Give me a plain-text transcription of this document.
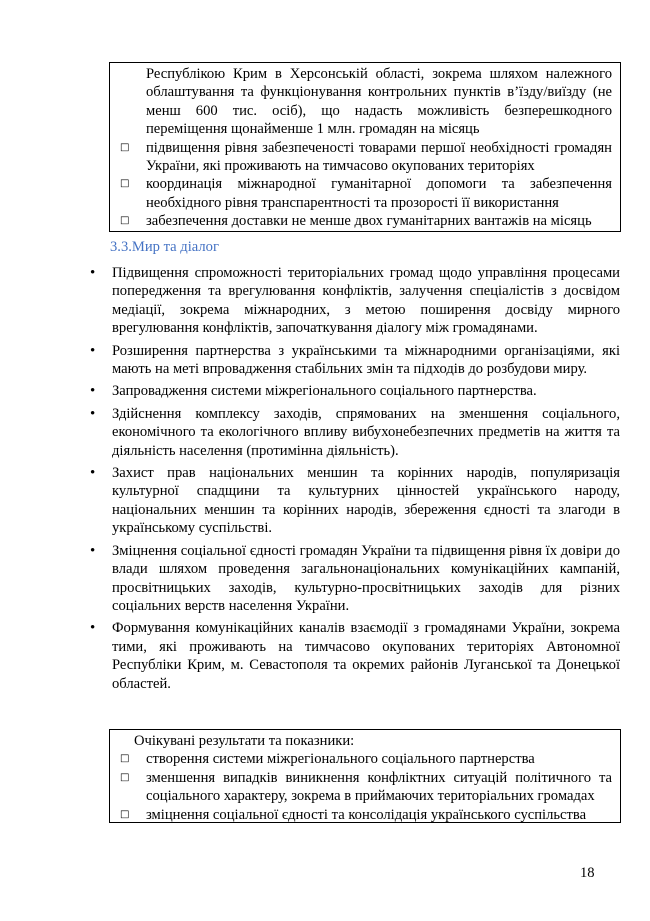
Республікою Крим в Херсонській області, зокрема шляхом належного облаштування та функціонування контрольних пунктів в’їзду/виїзду (не менш 600 тис. осіб), що надасть можливість безперешкодного переміщення щонайменше 1 млн. громадян на місяць
□	підвищення рівня забезпеченості товарами першої необхідності громадян України, які проживають на тимчасово окупованих територіях
□	координація міжнародної гуманітарної допомоги та забезпечення необхідного рівня транспарентності та прозорості її використання
□	забезпечення доставки не менше двох гуманітарних вантажів на місяць
3.3.Мир та діалог
•	Підвищення спроможності територіальних громад щодо управління процесами попередження та врегулювання конфліктів, залучення спеціалістів з досвідом медіації, зокрема міжнародних, з метою поширення досвіду мирного врегулювання конфліктів, започаткування діалогу між громадянами.
•	Розширення партнерства з українськими та міжнародними організаціями, які мають на меті впровадження стабільних змін та підходів до розбудови миру.
•	Запровадження системи міжрегіонального соціального партнерства.
•	Здійснення комплексу заходів, спрямованих на зменшення соціального, економічного та екологічного впливу вибухонебезпечних предметів на життя та діяльність населення (протимінна діяльність).
•	Захист прав національних меншин та корінних народів, популяризація культурної спадщини та культурних цінностей українського народу, національних меншин та корінних народів, збереження єдності та злагоди в українському суспільстві.
•	Зміцнення соціальної єдності громадян України та підвищення рівня їх довіри до влади шляхом проведення загальнонаціональних комунікаційних кампаній, просвітницьких заходів, культурно-просвітницьких заходів для різних соціальних верств населення України.
•	Формування комунікаційних каналів взаємодії з громадянами України, зокрема тими, які проживають на тимчасово окупованих територіях Автономної Республіки Крим, м. Севастополя та окремих районів Луганської та Донецької областей.
Очікувані результати та показники:
□	створення системи міжрегіонального соціального партнерства
□	зменшення випадків виникнення конфліктних ситуацій політичного та соціального характеру, зокрема в приймаючих територіальних громадах
□	зміцнення соціальної єдності та консолідація українського суспільства
18
